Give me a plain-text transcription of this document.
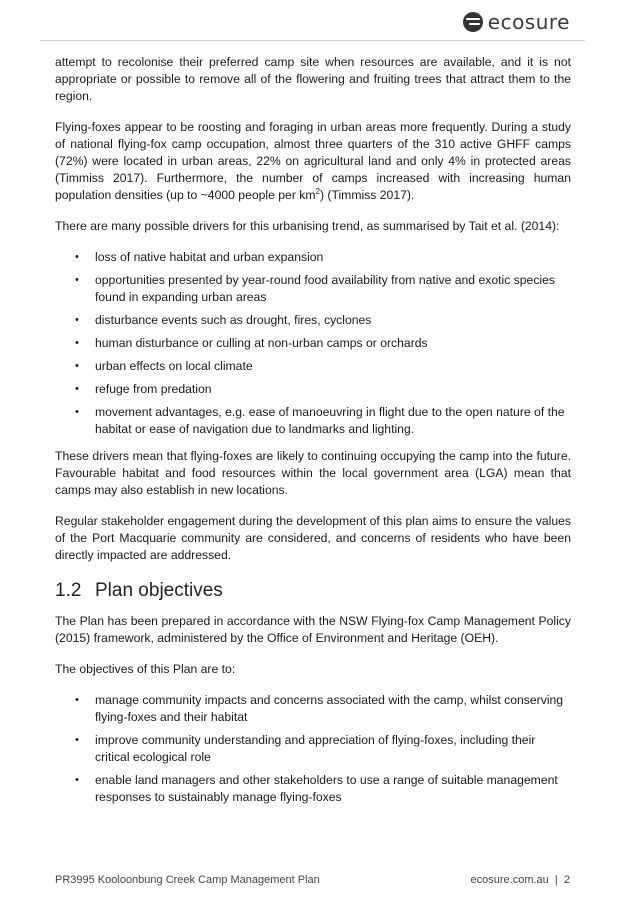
ecosure

attempt to recolonise their preferred camp site when resources are available, and it is not appropriate or possible to remove all of the flowering and fruiting trees that attract them to the region.

Flying-foxes appear to be roosting and foraging in urban areas more frequently. During a study of national flying-fox camp occupation, almost three quarters of the 310 active GHFF camps (72%) were located in urban areas, 22% on agricultural land and only 4% in protected areas (Timmiss 2017). Furthermore, the number of camps increased with increasing human population densities (up to ~4000 people per $km^2$) (Timmiss 2017).

There are many possible drivers for this urbanising trend, as summarised by Tait et al. (2014):

• loss of native habitat and urban expansion
• opportunities presented by year-round food availability from native and exotic species found in expanding urban areas
• disturbance events such as drought, fires, cyclones
• human disturbance or culling at non-urban camps or orchards
• urban effects on local climate
• refuge from predation
• movement advantages, e.g. ease of manoeuvring in flight due to the open nature of the habitat or ease of navigation due to landmarks and lighting.

These drivers mean that flying-foxes are likely to continuing occupying the camp into the future. Favourable habitat and food resources within the local government area (LGA) mean that camps may also establish in new locations.

Regular stakeholder engagement during the development of this plan aims to ensure the values of the Port Macquarie community are considered, and concerns of residents who have been directly impacted are addressed.

1.2 Plan objectives

The Plan has been prepared in accordance with the NSW Flying-fox Camp Management Policy (2015) framework, administered by the Office of Environment and Heritage (OEH).

The objectives of this Plan are to:

• manage community impacts and concerns associated with the camp, whilst conserving flying-foxes and their habitat
• improve community understanding and appreciation of flying-foxes, including their critical ecological role
• enable land managers and other stakeholders to use a range of suitable management responses to sustainably manage flying-foxes
PR3995 Kooloonbung Creek Camp Management Plan	ecosure.com.au  |  2
